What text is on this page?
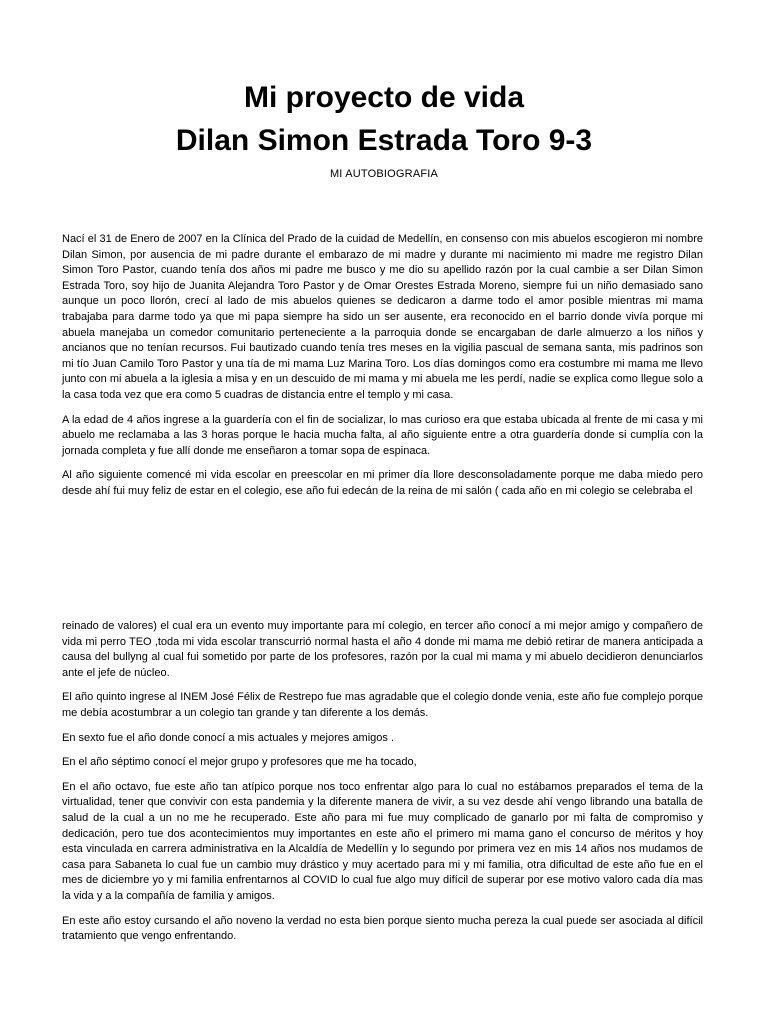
Mi proyecto de vida
Dilan Simon Estrada Toro 9-3
MI AUTOBIOGRAFIA

Nací el 31 de Enero de 2007 en la Clínica del Prado de la cuidad de Medellín, en consenso con mis abuelos escogieron mi nombre Dilan Simon, por ausencia de mi padre durante el embarazo de mi madre y durante mi nacimiento mi madre me registro Dilan Simon Toro Pastor, cuando tenía dos años mi padre me busco y me dio su apellido razón por la cual cambie a ser Dilan Simon Estrada Toro, soy hijo de Juanita Alejandra Toro Pastor y de Omar Orestes Estrada Moreno, siempre fui un niño demasiado sano aunque un poco llorón, crecí al lado de mis abuelos quienes se dedicaron a darme todo el amor posible mientras mi mama trabajaba para darme todo ya que mi papa siempre ha sido un ser ausente, era reconocido en el barrio donde vivía porque mi abuela manejaba un comedor comunitario perteneciente a la parroquia donde se encargaban de darle almuerzo a los niños y ancianos que no tenían recursos. Fui bautizado cuando tenía tres meses en la vigilia pascual de semana santa, mis padrinos son mi tío Juan Camilo Toro Pastor y una tía de mi mama Luz Marina Toro. Los días domingos como era costumbre mi mama me llevo junto con mi abuela a la iglesia a misa y en un descuido de mi mama y mi abuela me les perdí, nadie se explica como llegue solo a la casa toda vez que era como 5 cuadras de distancia entre el templo y mi casa.

A la edad de 4 años ingrese a la guardería con el fin de socializar, lo mas curioso era que estaba ubicada al frente de mi casa y mi abuelo me reclamaba a las 3 horas porque le hacia mucha falta, al año siguiente entre a otra guardería donde si cumplía con la jornada completa y fue allí donde me enseñaron a tomar sopa de espinaca.

Al año siguiente comencé mi vida escolar en preescolar en mi primer día llore desconsoladamente porque me daba miedo pero desde ahí fui muy feliz de estar en el colegio, ese año fui edecán de la reina de mi salón ( cada año en mi colegio se celebraba el

reinado de valores) el cual era un evento muy importante para mí colegio, en tercer año conocí a mi mejor amigo y compañero de vida mi perro TEO ,toda mi vida escolar transcurrió normal hasta el año 4 donde mi mama me debió retirar de manera anticipada a causa del bullyng al cual fui sometido por parte de los profesores, razón por la cual mi mama y mi abuelo decidieron denunciarlos ante el jefe de núcleo.

El año quinto ingrese al INEM José Félix de Restrepo fue mas agradable que el colegio donde venia, este año fue complejo porque me debía acostumbrar a un colegio tan grande y tan diferente a los demás.

En sexto fue el año donde conocí a mis actuales y mejores amigos .

En el año séptimo conocí el mejor grupo y profesores que me ha tocado,

En el año octavo, fue este año tan atípico porque nos toco enfrentar algo para lo cual no estábamos preparados el tema de la virtualidad, tener que convivir con esta pandemia y la diferente manera de vivir, a su vez desde ahí vengo librando una batalla de salud de la cual a un no me he recuperado. Este año para mi fue muy complicado de ganarlo por mi falta de compromiso y dedicación, pero tue dos acontecimientos muy importantes en este año el primero mi mama gano el concurso de méritos y hoy esta vinculada en carrera administrativa en la Alcaldía de Medellín y lo segundo por primera vez en mis 14 años nos mudamos de casa para Sabaneta lo cual fue un cambio muy drástico y muy acertado para mi y mi familia, otra dificultad de este año fue en el mes de diciembre yo y mi familia enfrentarnos al COVID lo cual fue algo muy difícil de superar por ese motivo valoro cada día mas la vida y a la compañía de familia y amigos.

En este año estoy cursando el año noveno la verdad no esta bien porque siento mucha pereza la cual puede ser asociada al difícil tratamiento que vengo enfrentando.
